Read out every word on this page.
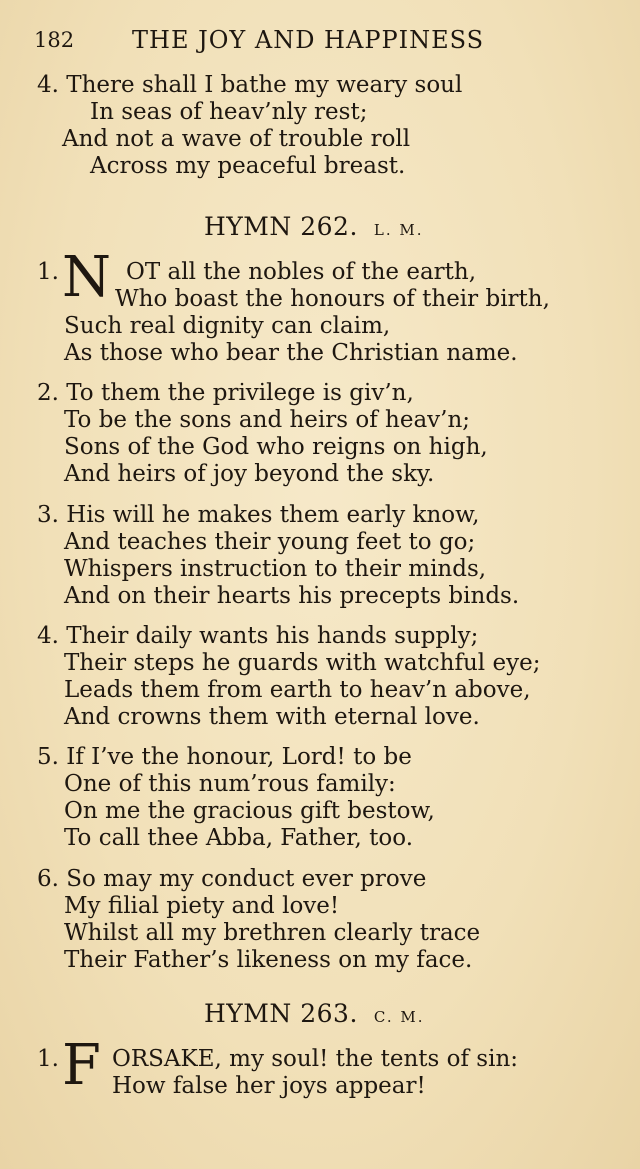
182 THE JOY AND HAPPINESS
4. There shall I bathe my weary soul
In seas of heav’nly rest;
And not a wave of trouble roll
Across my peaceful breast.
HYMN 262. L. M.
1. N OT all the nobles of the earth,
Who boast the honours of their birth,
Such real dignity can claim,
As those who bear the Christian name.
2. To them the privilege is giv’n,
To be the sons and heirs of heav’n;
Sons of the God who reigns on high,
And heirs of joy beyond the sky.
3. His will he makes them early know,
And teaches their young feet to go;
Whispers instruction to their minds,
And on their hearts his precepts binds.
4. Their daily wants his hands supply;
Their steps he guards with watchful eye;
Leads them from earth to heav’n above,
And crowns them with eternal love.
5. If I’ve the honour, Lord! to be
One of this num’rous family:
On me the gracious gift bestow,
To call thee Abba, Father, too.
6. So may my conduct ever prove
My filial piety and love!
Whilst all my brethren clearly trace
Their Father’s likeness on my face.
HYMN 263. C. M.
1. F ORSAKE, my soul! the tents of sin:
How false her joys appear!
